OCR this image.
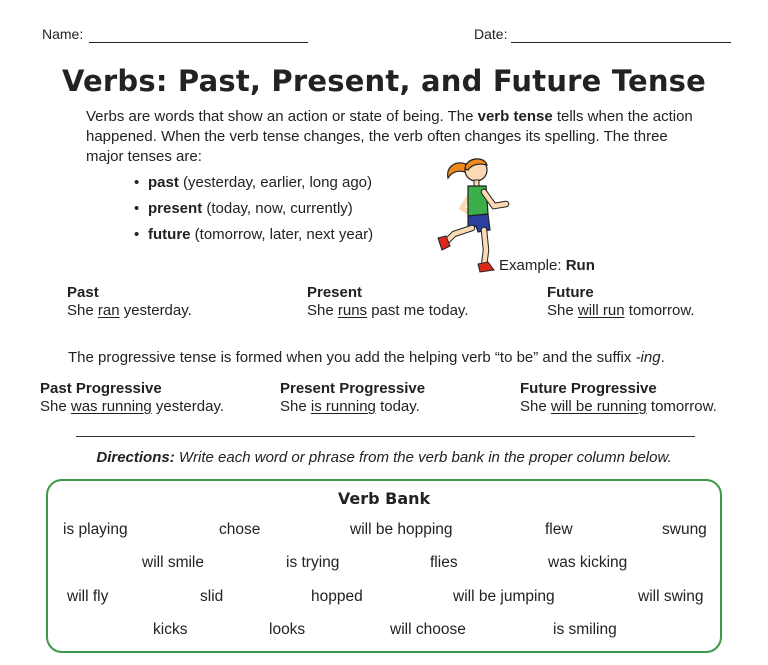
Name:	Date:
Verbs: Past, Present, and Future Tense
Verbs are words that show an action or state of being. The verb tense tells when the action happened. When the verb tense changes, the verb often changes its spelling. The three major tenses are:
• past (yesterday, earlier, long ago)
• present (today, now, currently)
• future (tomorrow, later, next year)
Example: Run
Past
She ran yesterday.
Present
She runs past me today.
Future
She will run tomorrow.
The progressive tense is formed when you add the helping verb “to be” and the suffix -ing.
Past Progressive
She was running yesterday.
Present Progressive
She is running today.
Future Progressive
She will be running tomorrow.
Directions: Write each word or phrase from the verb bank in the proper column below.
Verb Bank
is playing	chose	will be hopping	flew	swung
will smile	is trying	flies	was kicking
will fly	slid	hopped	will be jumping	will swing
kicks	looks	will choose	is smiling
